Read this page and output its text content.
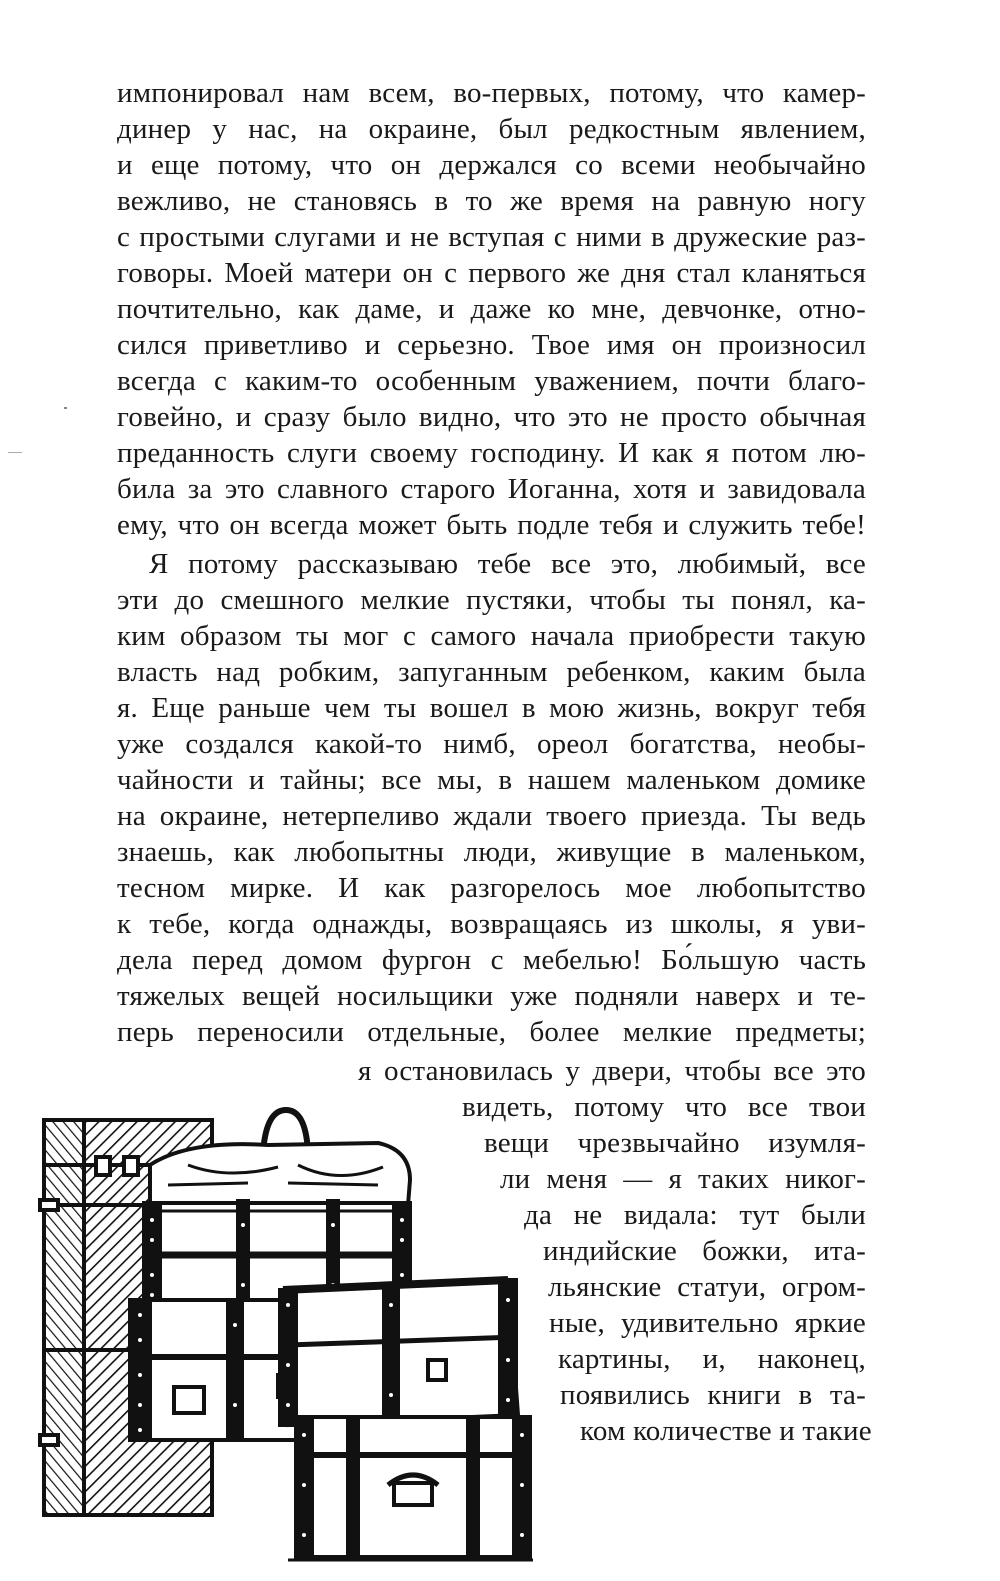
импонировал нам всем, во-первых, потому, что камер-
динер у нас, на окраине, был редкостным явлением,
и еще потому, что он держался со всеми необычайно
вежливо, не становясь в то же время на равную ногу
с простыми слугами и не вступая с ними в дружеские раз-
говоры. Моей матери он с первого же дня стал кланяться
почтительно, как даме, и даже ко мне, девчонке, отно-
сился приветливо и серьезно. Твое имя он произносил
всегда с каким-то особенным уважением, почти благо-
говейно, и сразу было видно, что это не просто обычная
преданность слуги своему господину. И как я потом лю-
била за это славного старого Иоганна, хотя и завидовала
ему, что он всегда может быть подле тебя и служить тебе!
Я потому рассказываю тебе все это, любимый, все
эти до смешного мелкие пустяки, чтобы ты понял, ка-
ким образом ты мог с самого начала приобрести такую
власть над робким, запуганным ребенком, каким была
я. Еще раньше чем ты вошел в мою жизнь, вокруг тебя
уже создался какой-то нимб, ореол богатства, необы-
чайности и тайны; все мы, в нашем маленьком домике
на окраине, нетерпеливо ждали твоего приезда. Ты ведь
знаешь, как любопытны люди, живущие в маленьком,
тесном мирке. И как разгорелось мое любопытство
к тебе, когда однажды, возвращаясь из школы, я уви-
дела перед домом фургон с мебелью! Бо́льшую часть
тяжелых вещей носильщики уже подняли наверх и те-
перь переносили отдельные, более мелкие предметы;
я остановилась у двери, чтобы все это
видеть, потому что все твои
вещи чрезвычайно изумля-
ли меня — я таких никог-
да не видала: тут были
индийские божки, ита-
льянские статуи, огром-
ные, удивительно яркие
картины, и, наконец,
появились книги в та-
ком количестве и такие
